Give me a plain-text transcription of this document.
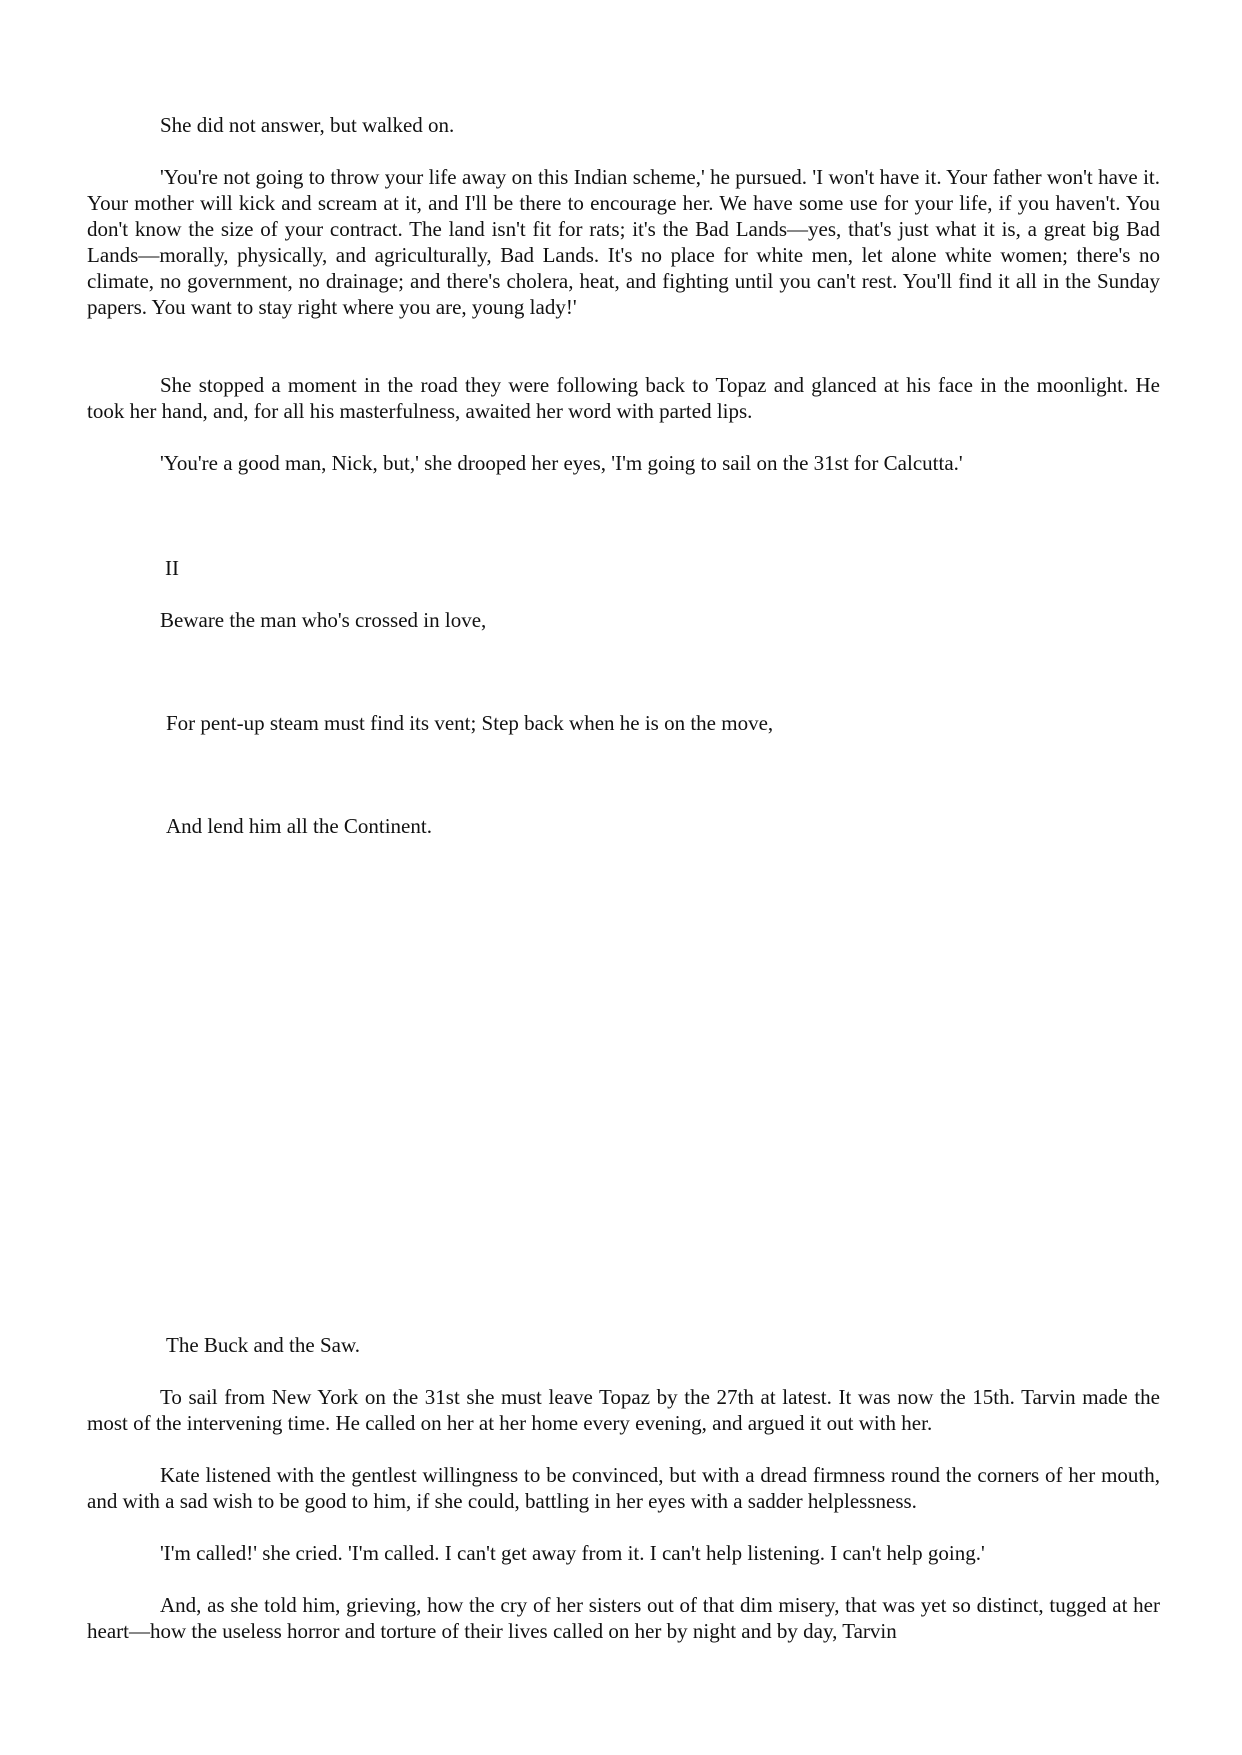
She did not answer, but walked on.

'You're not going to throw your life away on this Indian scheme,' he pursued. 'I won't have it. Your father won't have it. Your mother will kick and scream at it, and I'll be there to encourage her. We have some use for your life, if you haven't. You don't know the size of your contract. The land isn't fit for rats; it's the Bad Lands—yes, that's just what it is, a great big Bad Lands—morally, physically, and agriculturally, Bad Lands. It's no place for white men, let alone white women; there's no climate, no government, no drainage; and there's cholera, heat, and fighting until you can't rest. You'll find it all in the Sunday papers. You want to stay right where you are, young lady!'

She stopped a moment in the road they were following back to Topaz and glanced at his face in the moonlight. He took her hand, and, for all his masterfulness, awaited her word with parted lips.

'You're a good man, Nick, but,' she drooped her eyes, 'I'm going to sail on the 31st for Calcutta.'

II
Beware the man who's crossed in love,
For pent-up steam must find its vent; Step back when he is on the move,
And lend him all the Continent.
The Buck and the Saw.

To sail from New York on the 31st she must leave Topaz by the 27th at latest. It was now the 15th. Tarvin made the most of the intervening time. He called on her at her home every evening, and argued it out with her.

Kate listened with the gentlest willingness to be convinced, but with a dread firmness round the corners of her mouth, and with a sad wish to be good to him, if she could, battling in her eyes with a sadder helplessness.

'I'm called!' she cried. 'I'm called. I can't get away from it. I can't help listening. I can't help going.'

And, as she told him, grieving, how the cry of her sisters out of that dim misery, that was yet so distinct, tugged at her heart—how the useless horror and torture of their lives called on her by night and by day, Tarvin
